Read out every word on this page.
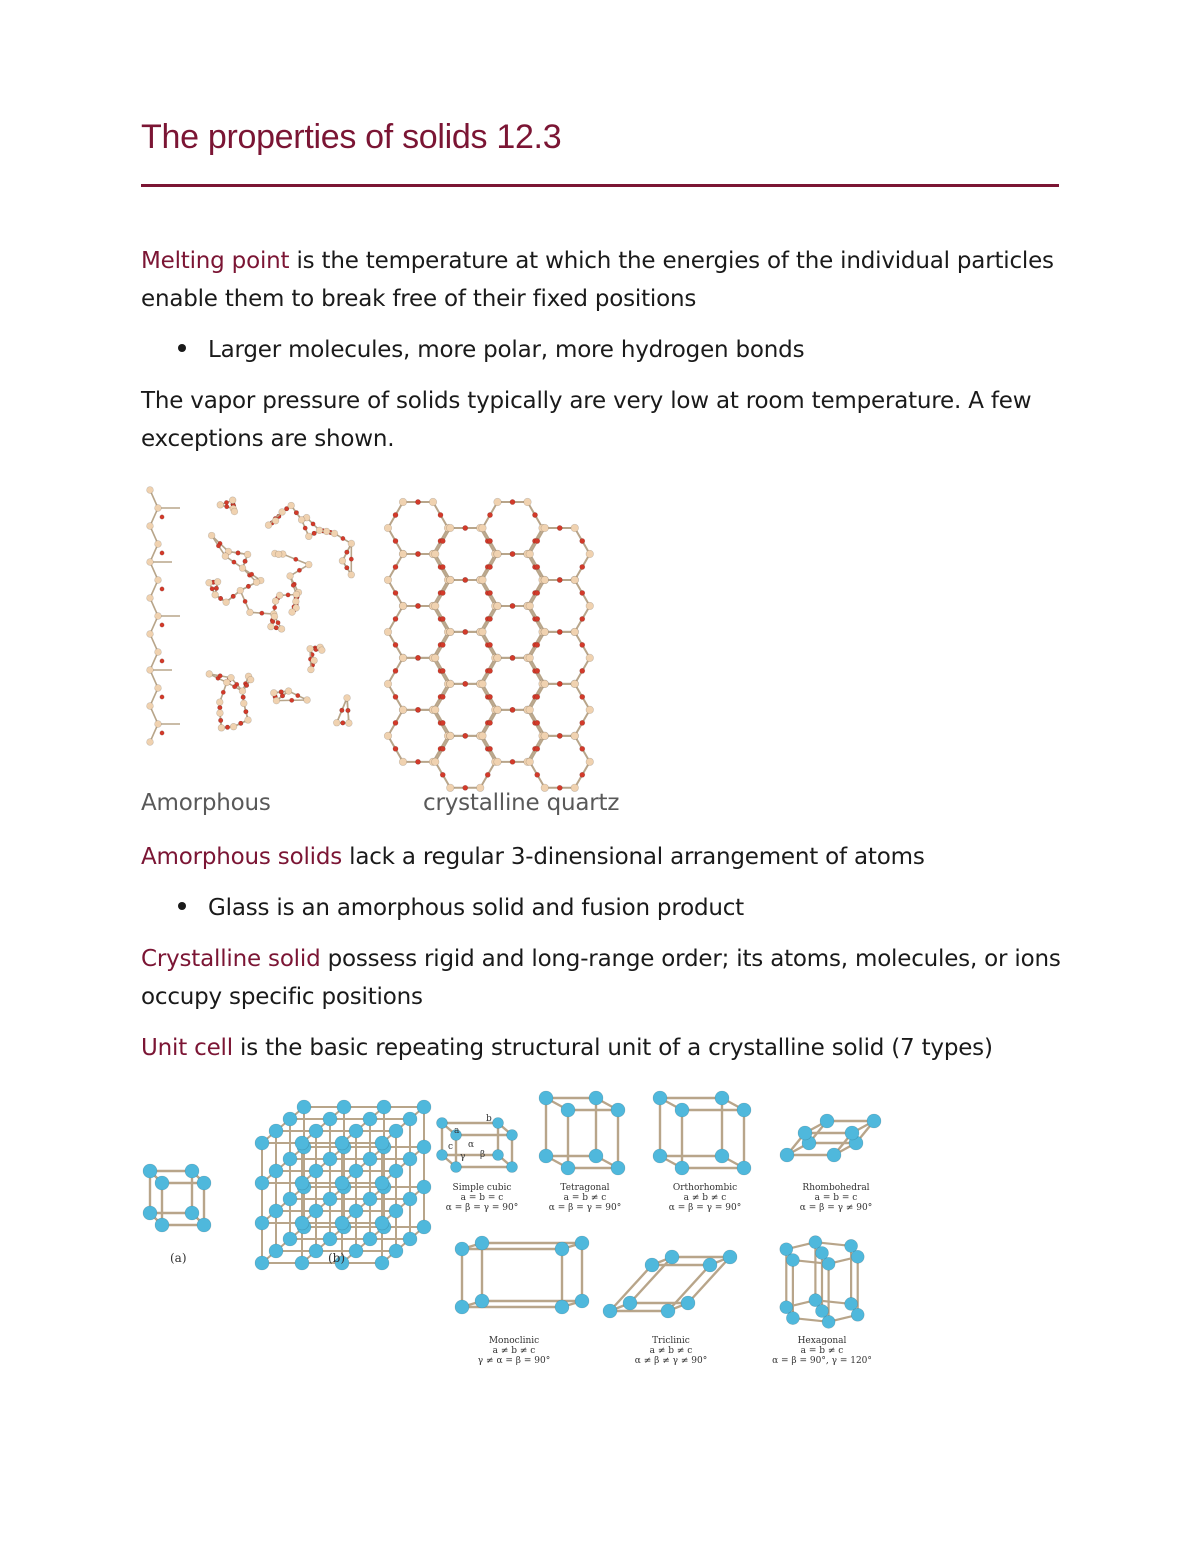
The properties of solids 12.3

Melting point is the temperature at which the energies of the individual particles enable them to break free of their fixed positions

Larger molecules, more polar, more hydrogen bonds

The vapor pressure of solids typically are very low at room temperature. A few exceptions are shown.

Amorphous	crystalline quartz

Amorphous solids lack a regular 3-dinensional arrangement of atoms

Glass is an amorphous solid and fusion product

Crystalline solid possess rigid and long-range order; its atoms, molecules, or ions occupy specific positions

Unit cell is the basic repeating structural unit of a crystalline solid (7 types)

(a)	(b)
Simple cubic
a = b = c
α = β = γ = 90°
Tetragonal
a = b ≠ c
α = β = γ = 90°
Orthorhombic
a ≠ b ≠ c
α = β = γ = 90°
Rhombohedral
a = b = c
α = β = γ ≠ 90°
Monoclinic
a ≠ b ≠ c
γ ≠ α = β = 90°
Triclinic
a ≠ b ≠ c
α ≠ β ≠ γ ≠ 90°
Hexagonal
a = b ≠ c
α = β = 90°, γ = 120°
a
b
c α
β
γ
